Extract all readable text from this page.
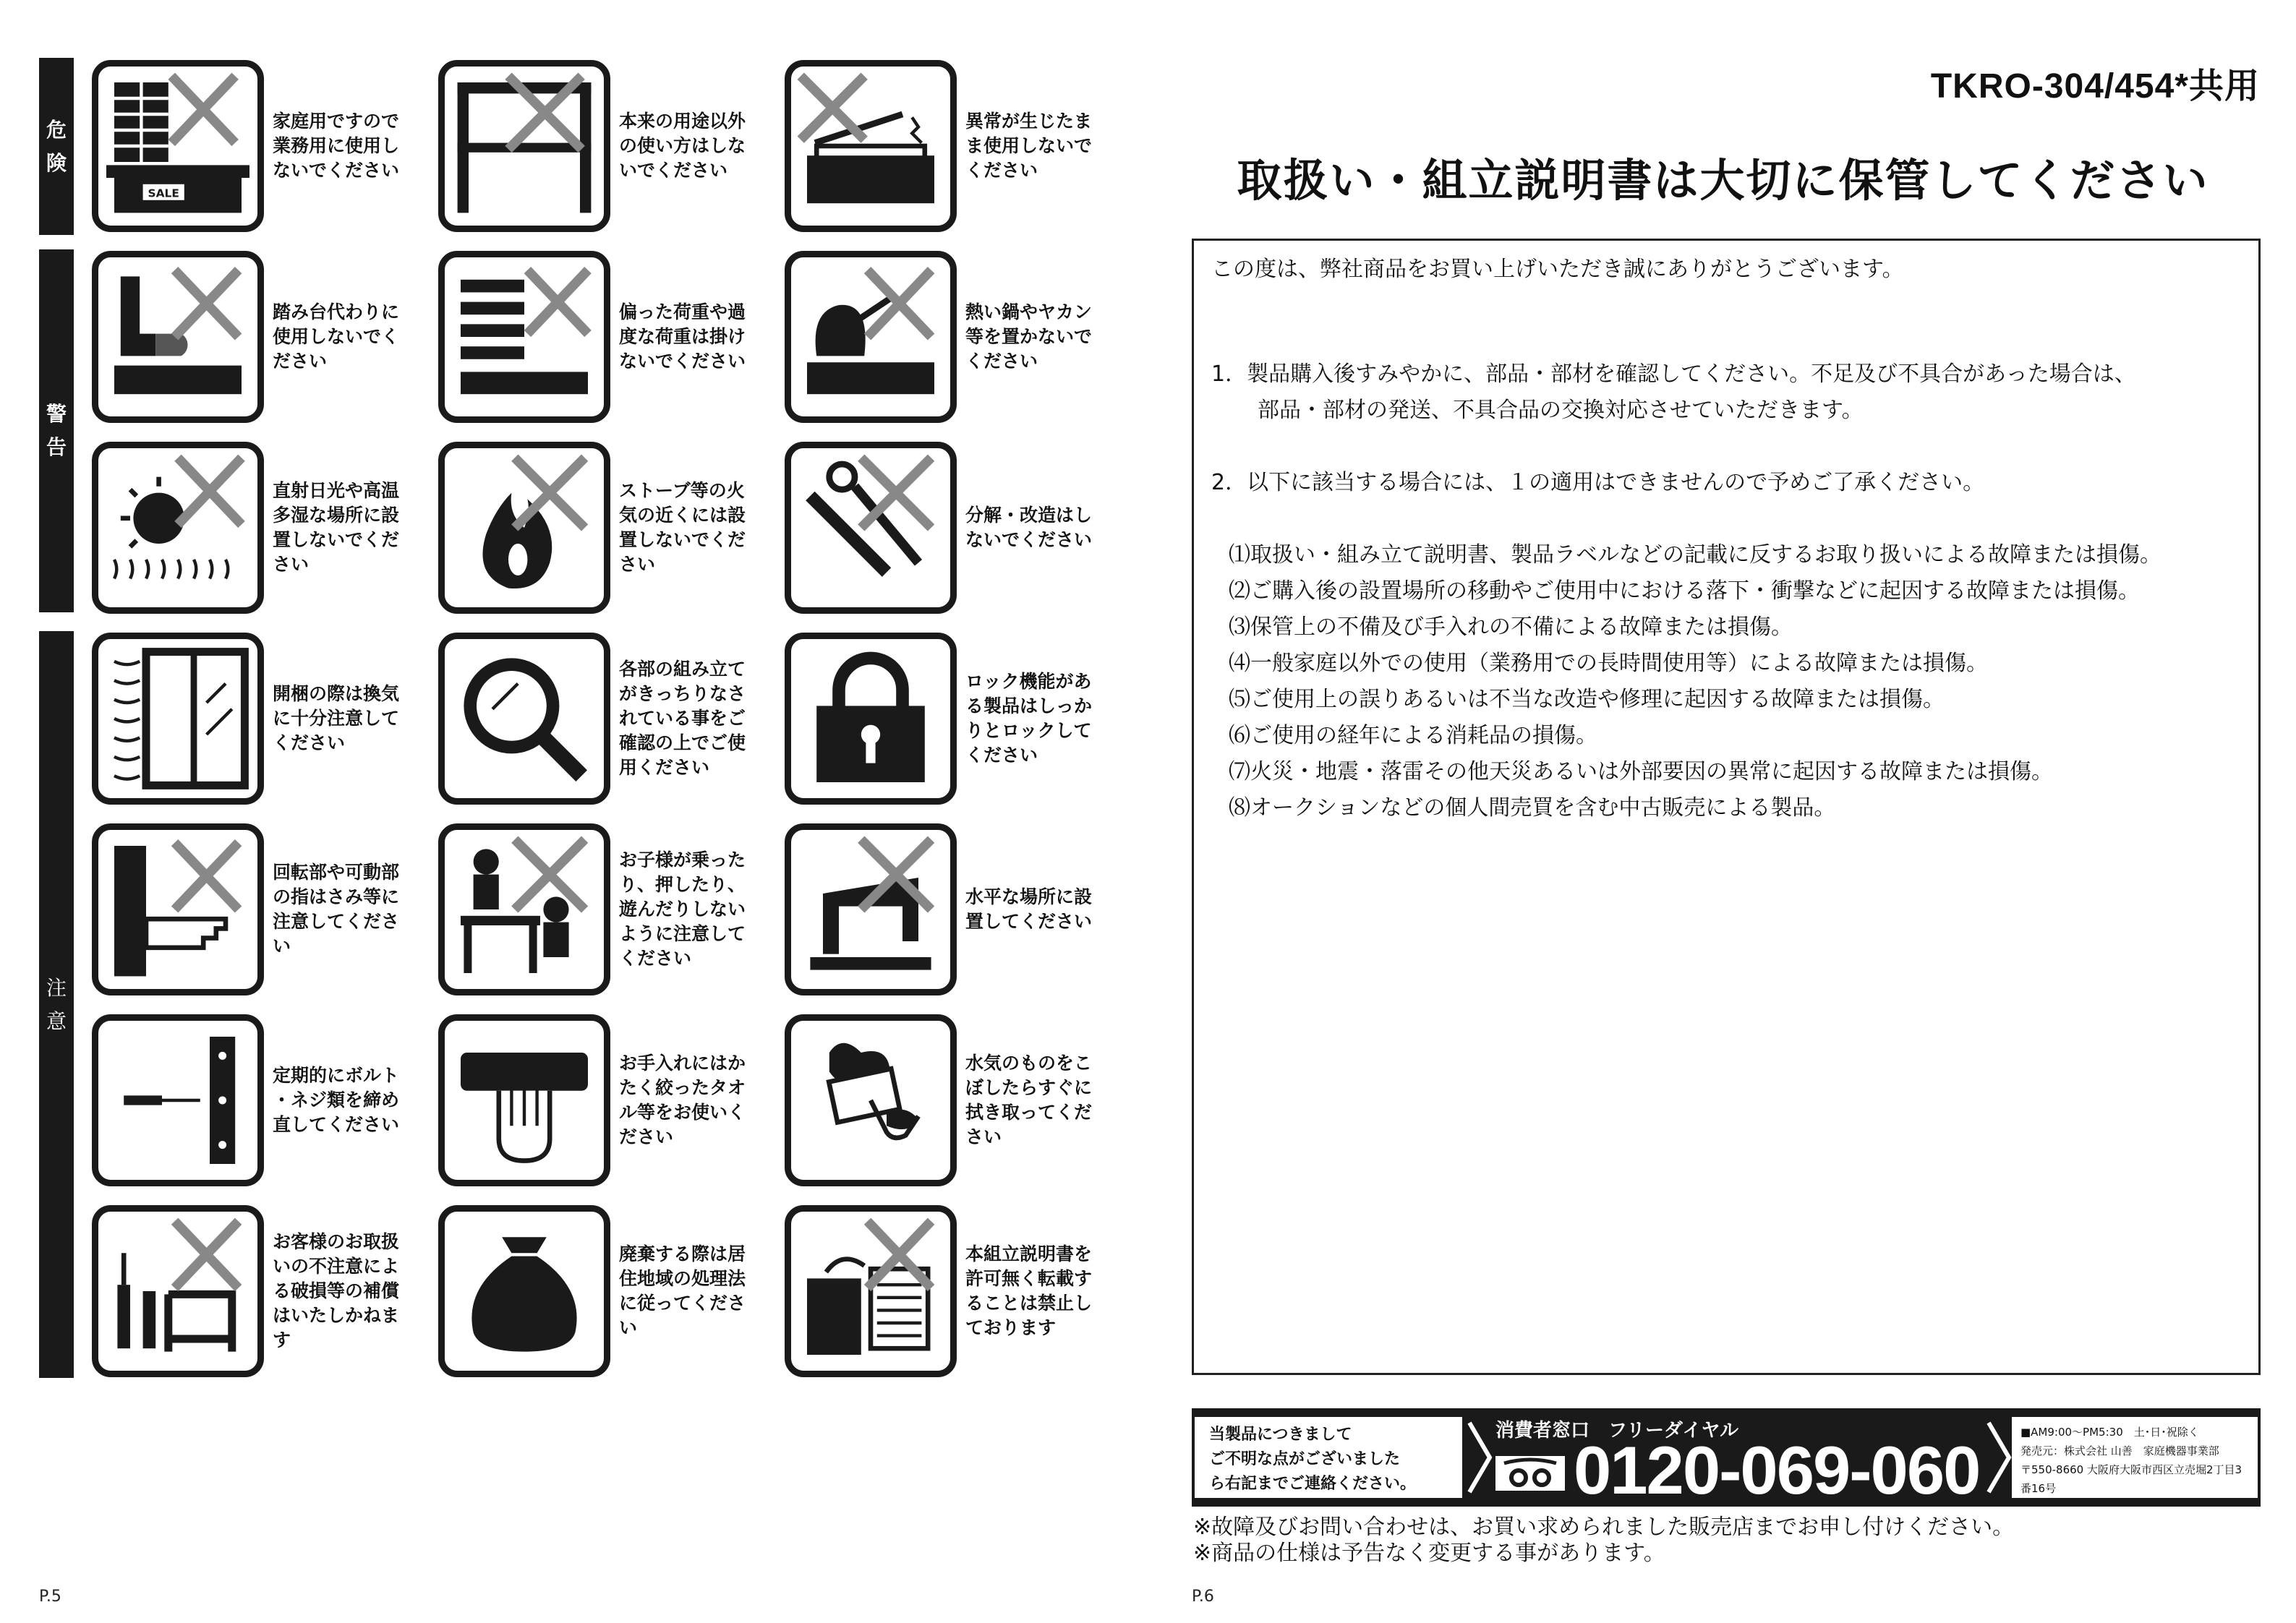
危
険
警
告
注
意
SALE
家庭用ですので
業務用に使用し
ないでください
本来の用途以外
の使い方はしな
いでください
異常が生じたま
ま使用しないで
ください
踏み台代わりに
使用しないでく
ださい
偏った荷重や過
度な荷重は掛け
ないでください
熱い鍋やヤカン
等を置かないで
ください
直射日光や高温
多湿な場所に設
置しないでくだ
さい
ストーブ等の火
気の近くには設
置しないでくだ
さい
分解・改造はし
ないでください
開梱の際は換気
に十分注意して
ください
各部の組み立て
がきっちりなさ
れている事をご
確認の上でご使
用ください
ロック機能があ
る製品はしっか
りとロックして
ください
回転部や可動部
の指はさみ等に
注意してくださ
い
お子様が乗った
り、押したり、
遊んだりしない
ように注意して
ください
水平な場所に設
置してください
定期的にボルト
・ネジ類を締め
直してください
お手入れにはか
たく絞ったタオ
ル等をお使いく
ださい
水気のものをこ
ぼしたらすぐに
拭き取ってくだ
さい
お客様のお取扱
いの不注意によ
る破損等の補償
はいたしかねま
す
廃棄する際は居
住地域の処理法
に従ってくださ
い
本組立説明書を
許可無く転載す
ることは禁止し
ております
P.5
TKRO-304/454*共用
取扱い・組立説明書は大切に保管してください
この度は、弊社商品をお買い上げいただき誠にありがとうございます。
1．製品購入後すみやかに、部品・部材を確認してください。不足及び不具合があった場合は、
部品・部材の発送、不具合品の交換対応させていただきます。
2．以下に該当する場合には、１の適用はできませんので予めご了承ください。
⑴取扱い・組み立て説明書、製品ラベルなどの記載に反するお取り扱いによる故障または損傷。
⑵ご購入後の設置場所の移動やご使用中における落下・衝撃などに起因する故障または損傷。
⑶保管上の不備及び手入れの不備による故障または損傷。
⑷一般家庭以外での使用（業務用での長時間使用等）による故障または損傷。
⑸ご使用上の誤りあるいは不当な改造や修理に起因する故障または損傷。
⑹ご使用の経年による消耗品の損傷。
⑺火災・地震・落雷その他天災あるいは外部要因の異常に起因する故障または損傷。
⑻オークションなどの個人間売買を含む中古販売による製品。
当製品につきまして
ご不明な点がございました
ら右記までご連絡ください。
消費者窓口　フリーダイヤル
0120-069-060	■AM9:00〜PM5:30　土･日･祝除く
発売元：株式会社 山善　家庭機器事業部
〒550-8660 大阪府大阪市西区立売堀2丁目3番16号
※故障及びお問い合わせは、お買い求められました販売店までお申し付けください。
※商品の仕様は予告なく変更する事があります。
P.6
